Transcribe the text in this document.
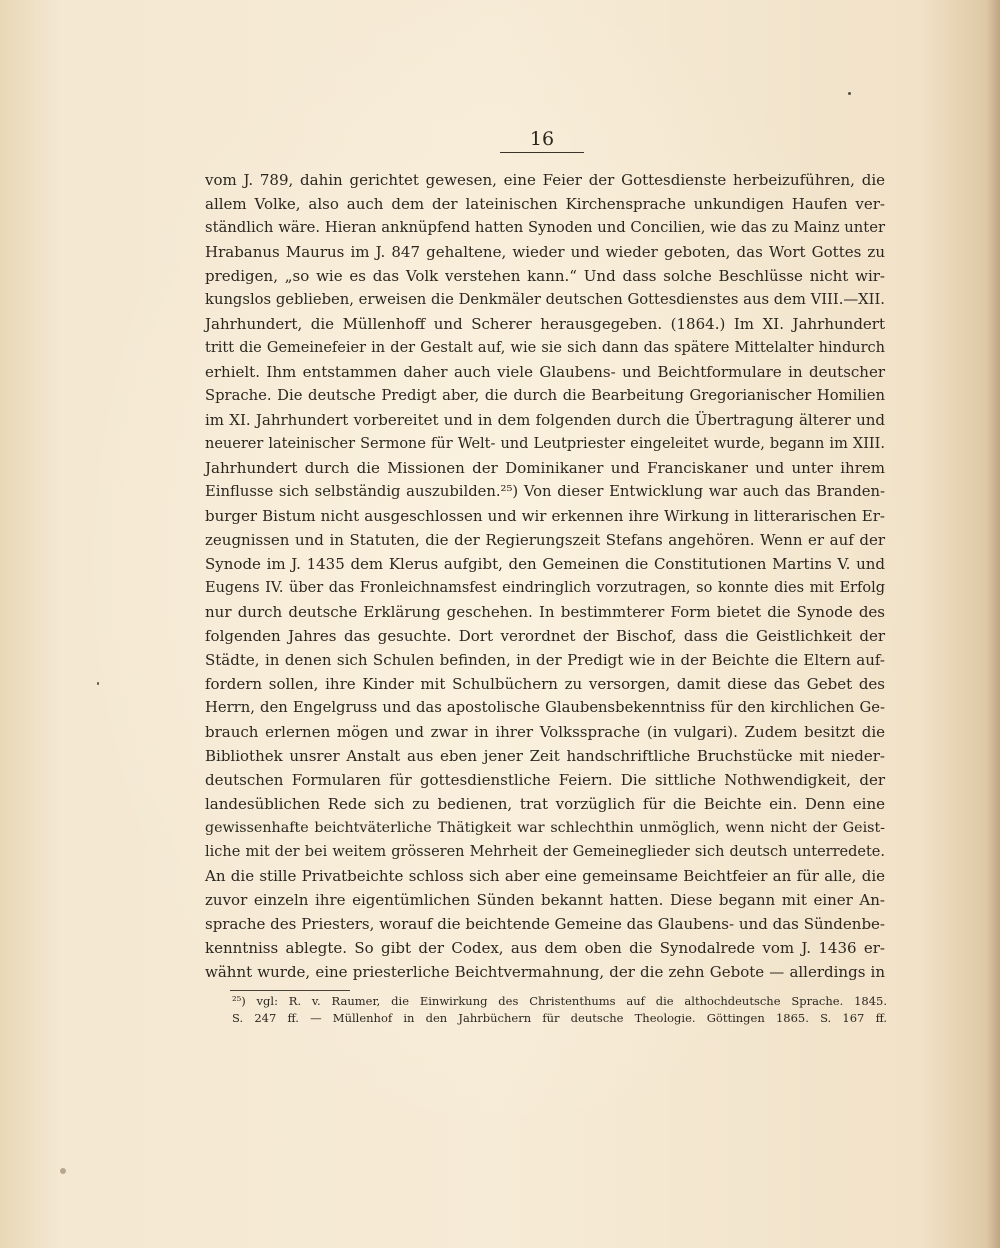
16
vom J. 789, dahin gerichtet gewesen, eine Feier der Gottesdienste herbeizuführen, die
allem Volke, also auch dem der lateinischen Kirchensprache unkundigen Haufen ver-
ständlich wäre. Hieran anknüpfend hatten Synoden und Concilien, wie das zu Mainz unter
Hrabanus Maurus im J. 847 gehaltene, wieder und wieder geboten, das Wort Gottes zu
predigen, „so wie es das Volk verstehen kann.“ Und dass solche Beschlüsse nicht wir-
kungslos geblieben, erweisen die Denkmäler deutschen Gottesdienstes aus dem VIII.—XII.
Jahrhundert, die Müllenhoff und Scherer herausgegeben. (1864.) Im XI. Jahrhundert
tritt die Gemeinefeier in der Gestalt auf, wie sie sich dann das spätere Mittelalter hindurch
erhielt. Ihm entstammen daher auch viele Glaubens- und Beichtformulare in deutscher
Sprache. Die deutsche Predigt aber, die durch die Bearbeitung Gregorianischer Homilien
im XI. Jahrhundert vorbereitet und in dem folgenden durch die Übertragung älterer und
neuerer lateinischer Sermone für Welt- und Leutpriester eingeleitet wurde, begann im XIII.
Jahrhundert durch die Missionen der Dominikaner und Franciskaner und unter ihrem
Einflusse sich selbständig auszubilden.²⁵) Von dieser Entwicklung war auch das Branden-
burger Bistum nicht ausgeschlossen und wir erkennen ihre Wirkung in litterarischen Er-
zeugnissen und in Statuten, die der Regierungszeit Stefans angehören. Wenn er auf der
Synode im J. 1435 dem Klerus aufgibt, den Gemeinen die Constitutionen Martins V. und
Eugens IV. über das Fronleichnamsfest eindringlich vorzutragen, so konnte dies mit Erfolg
nur durch deutsche Erklärung geschehen. In bestimmterer Form bietet die Synode des
folgenden Jahres das gesuchte. Dort verordnet der Bischof, dass die Geistlichkeit der
Städte, in denen sich Schulen befinden, in der Predigt wie in der Beichte die Eltern auf-
fordern sollen, ihre Kinder mit Schulbüchern zu versorgen, damit diese das Gebet des
Herrn, den Engelgruss und das apostolische Glaubensbekenntniss für den kirchlichen Ge-
brauch erlernen mögen und zwar in ihrer Volkssprache (in vulgari). Zudem besitzt die
Bibliothek unsrer Anstalt aus eben jener Zeit handschriftliche Bruchstücke mit nieder-
deutschen Formularen für gottesdienstliche Feiern. Die sittliche Nothwendigkeit, der
landesüblichen Rede sich zu bedienen, trat vorzüglich für die Beichte ein. Denn eine
gewissenhafte beichtväterliche Thätigkeit war schlechthin unmöglich, wenn nicht der Geist-
liche mit der bei weitem grösseren Mehrheit der Gemeineglieder sich deutsch unterredete.
An die stille Privatbeichte schloss sich aber eine gemeinsame Beichtfeier an für alle, die
zuvor einzeln ihre eigentümlichen Sünden bekannt hatten. Diese begann mit einer An-
sprache des Priesters, worauf die beichtende Gemeine das Glaubens- und das Sündenbe-
kenntniss ablegte. So gibt der Codex, aus dem oben die Synodalrede vom J. 1436 er-
wähnt wurde, eine priesterliche Beichtvermahnung, der die zehn Gebote — allerdings in
²⁵) vgl: R. v. Raumer, die Einwirkung des Christenthums auf die althochdeutsche Sprache. 1845.
S. 247 ff. — Müllenhof in den Jahrbüchern für deutsche Theologie. Göttingen 1865. S. 167 ff.
